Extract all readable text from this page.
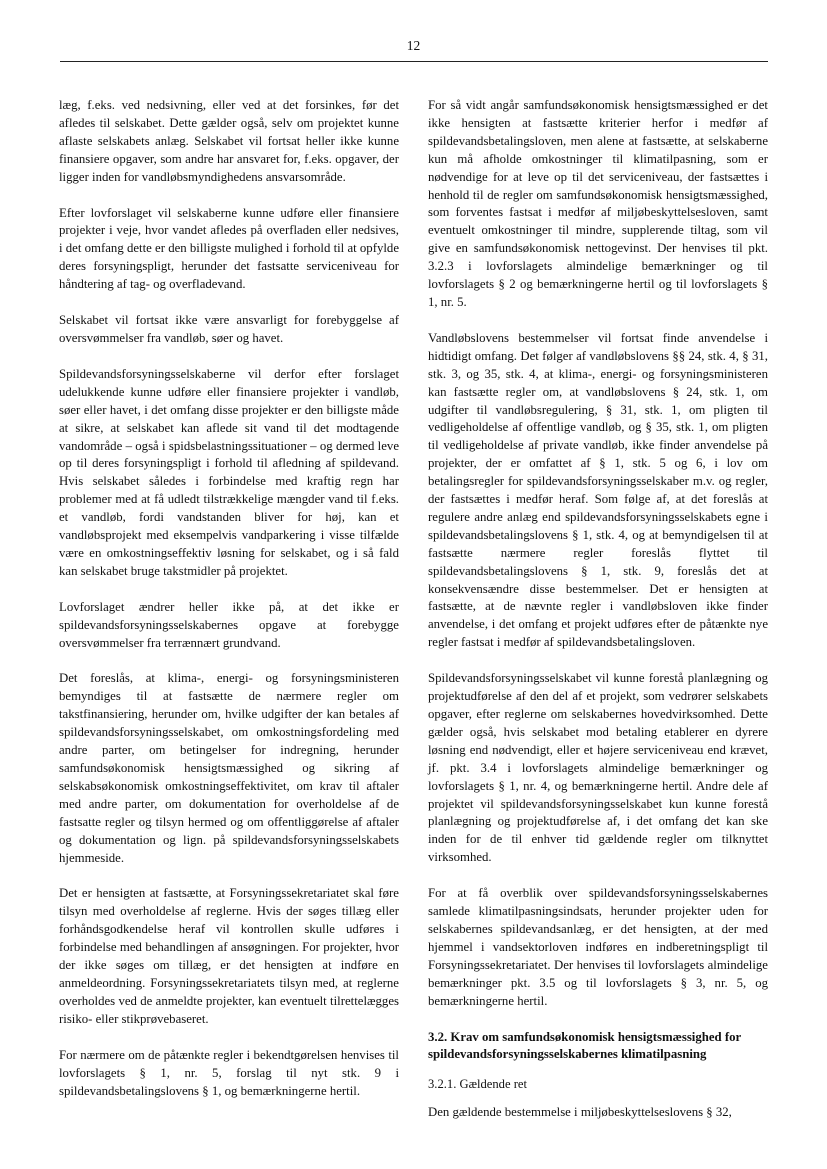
12

læg, f.eks. ved nedsivning, eller ved at det forsinkes, før det afledes til selskabet. Dette gælder også, selv om projektet kunne aflaste selskabets anlæg. Selskabet vil fortsat heller ikke kunne finansiere opgaver, som andre har ansvaret for, f.eks. opgaver, der ligger inden for vandløbsmyndighedens ansvarsområde.

Efter lovforslaget vil selskaberne kunne udføre eller finansiere projekter i veje, hvor vandet afledes på overfladen eller nedsives, i det omfang dette er den billigste mulighed i forhold til at opfylde deres forsyningspligt, herunder det fastsatte serviceniveau for håndtering af tag- og overfladevand.

Selskabet vil fortsat ikke være ansvarligt for forebyggelse af oversvømmelser fra vandløb, søer og havet.

Spildevandsforsyningsselskaberne vil derfor efter forslaget udelukkende kunne udføre eller finansiere projekter i vandløb, søer eller havet, i det omfang disse projekter er den billigste måde at sikre, at selskabet kan aflede sit vand til det modtagende vandområde – også i spidsbelastningssituationer – og dermed leve op til deres forsyningspligt i forhold til afledning af spildevand. Hvis selskabet således i forbindelse med kraftig regn har problemer med at få udledt tilstrækkelige mængder vand til f.eks. et vandløb, fordi vandstanden bliver for høj, kan et vandløbsprojekt med eksempelvis vandparkering i visse tilfælde være en omkostningseffektiv løsning for selskabet, og i så fald kan selskabet bruge takstmidler på projektet.

Lovforslaget ændrer heller ikke på, at det ikke er spildevandsforsyningsselskabernes opgave at forebygge oversvømmelser fra terrænnært grundvand.

Det foreslås, at klima-, energi- og forsyningsministeren bemyndiges til at fastsætte de nærmere regler om takstfinansiering, herunder om, hvilke udgifter der kan betales af spildevandsforsyningsselskabet, om omkostningsfordeling med andre parter, om betingelser for indregning, herunder samfundsøkonomisk hensigtsmæssighed og sikring af selskabsøkonomisk omkostningseffektivitet, om krav til aftaler med andre parter, om dokumentation for overholdelse af de fastsatte regler og tilsyn hermed og om offentliggørelse af aftaler og dokumentation og lign. på spildevandsforsyningsselskabets hjemmeside.

Det er hensigten at fastsætte, at Forsyningssekretariatet skal føre tilsyn med overholdelse af reglerne. Hvis der søges tillæg eller forhåndsgodkendelse heraf vil kontrollen skulle udføres i forbindelse med behandlingen af ansøgningen. For projekter, hvor der ikke søges om tillæg, er det hensigten at indføre en anmeldeordning. Forsyningssekretariatets tilsyn med, at reglerne overholdes ved de anmeldte projekter, kan eventuelt tilrettelægges risiko- eller stikprøvebaseret.

For nærmere om de påtænkte regler i bekendtgørelsen henvises til lovforslagets § 1, nr. 5, forslag til nyt stk. 9 i spildevandsbetalingslovens § 1, og bemærkningerne hertil.

For så vidt angår samfundsøkonomisk hensigtsmæssighed er det ikke hensigten at fastsætte kriterier herfor i medfør af spildevandsbetalingsloven, men alene at fastsætte, at selskaberne kun må afholde omkostninger til klimatilpasning, som er nødvendige for at leve op til det serviceniveau, der fastsættes i henhold til de regler om samfundsøkonomisk hensigtsmæssighed, som forventes fastsat i medfør af miljøbeskyttelsesloven, samt eventuelt omkostninger til mindre, supplerende tiltag, som vil give en samfundsøkonomisk nettogevinst. Der henvises til pkt. 3.2.3 i lovforslagets almindelige bemærkninger og til lovforslagets § 2 og bemærkningerne hertil og til lovforslagets § 1, nr. 5.

Vandløbslovens bestemmelser vil fortsat finde anvendelse i hidtidigt omfang. Det følger af vandløbslovens §§ 24, stk. 4, § 31, stk. 3, og 35, stk. 4, at klima-, energi- og forsyningsministeren kan fastsætte regler om, at vandløbslovens § 24, stk. 1, om udgifter til vandløbsregulering, § 31, stk. 1, om pligten til vedligeholdelse af offentlige vandløb, og § 35, stk. 1, om pligten til vedligeholdelse af private vandløb, ikke finder anvendelse på projekter, der er omfattet af § 1, stk. 5 og 6, i lov om betalingsregler for spildevandsforsyningsselskaber m.v. og regler, der fastsættes i medfør heraf. Som følge af, at det foreslås at regulere andre anlæg end spildevandsforsyningsselskabets egne i spildevandsbetalingslovens § 1, stk. 4, og at bemyndigelsen til at fastsætte nærmere regler foreslås flyttet til spildevandsbetalingslovens § 1, stk. 9, foreslås det at konsekvensændre disse bestemmelser. Det er hensigten at fastsætte, at de nævnte regler i vandløbsloven ikke finder anvendelse, i det omfang et projekt udføres efter de påtænkte nye regler fastsat i medfør af spildevandsbetalingsloven.

Spildevandsforsyningsselskabet vil kunne forestå planlægning og projektudførelse af den del af et projekt, som vedrører selskabets opgaver, efter reglerne om selskabernes hovedvirksomhed. Dette gælder også, hvis selskabet mod betaling etablerer en dyrere løsning end nødvendigt, eller et højere serviceniveau end krævet, jf. pkt. 3.4 i lovforslagets almindelige bemærkninger og lovforslagets § 1, nr. 4, og bemærkningerne hertil. Andre dele af projektet vil spildevandsforsyningsselskabet kun kunne forestå planlægning og projektudførelse af, i det omfang det kan ske inden for de til enhver tid gældende regler om tilknyttet virksomhed.

For at få overblik over spildevandsforsyningsselskabernes samlede klimatilpasningsindsats, herunder projekter uden for selskabernes spildevandsanlæg, er det hensigten, at der med hjemmel i vandsektorloven indføres en indberetningspligt til Forsyningssekretariatet. Der henvises til lovforslagets almindelige bemærkninger pkt. 3.5 og til lovforslagets § 3, nr. 5, og bemærkningerne hertil.

3.2. Krav om samfundsøkonomisk hensigtsmæssighed for spildevandsforsyningsselskabernes klimatilpasning
3.2.1. Gældende ret

Den gældende bestemmelse i miljøbeskyttelseslovens § 32,
